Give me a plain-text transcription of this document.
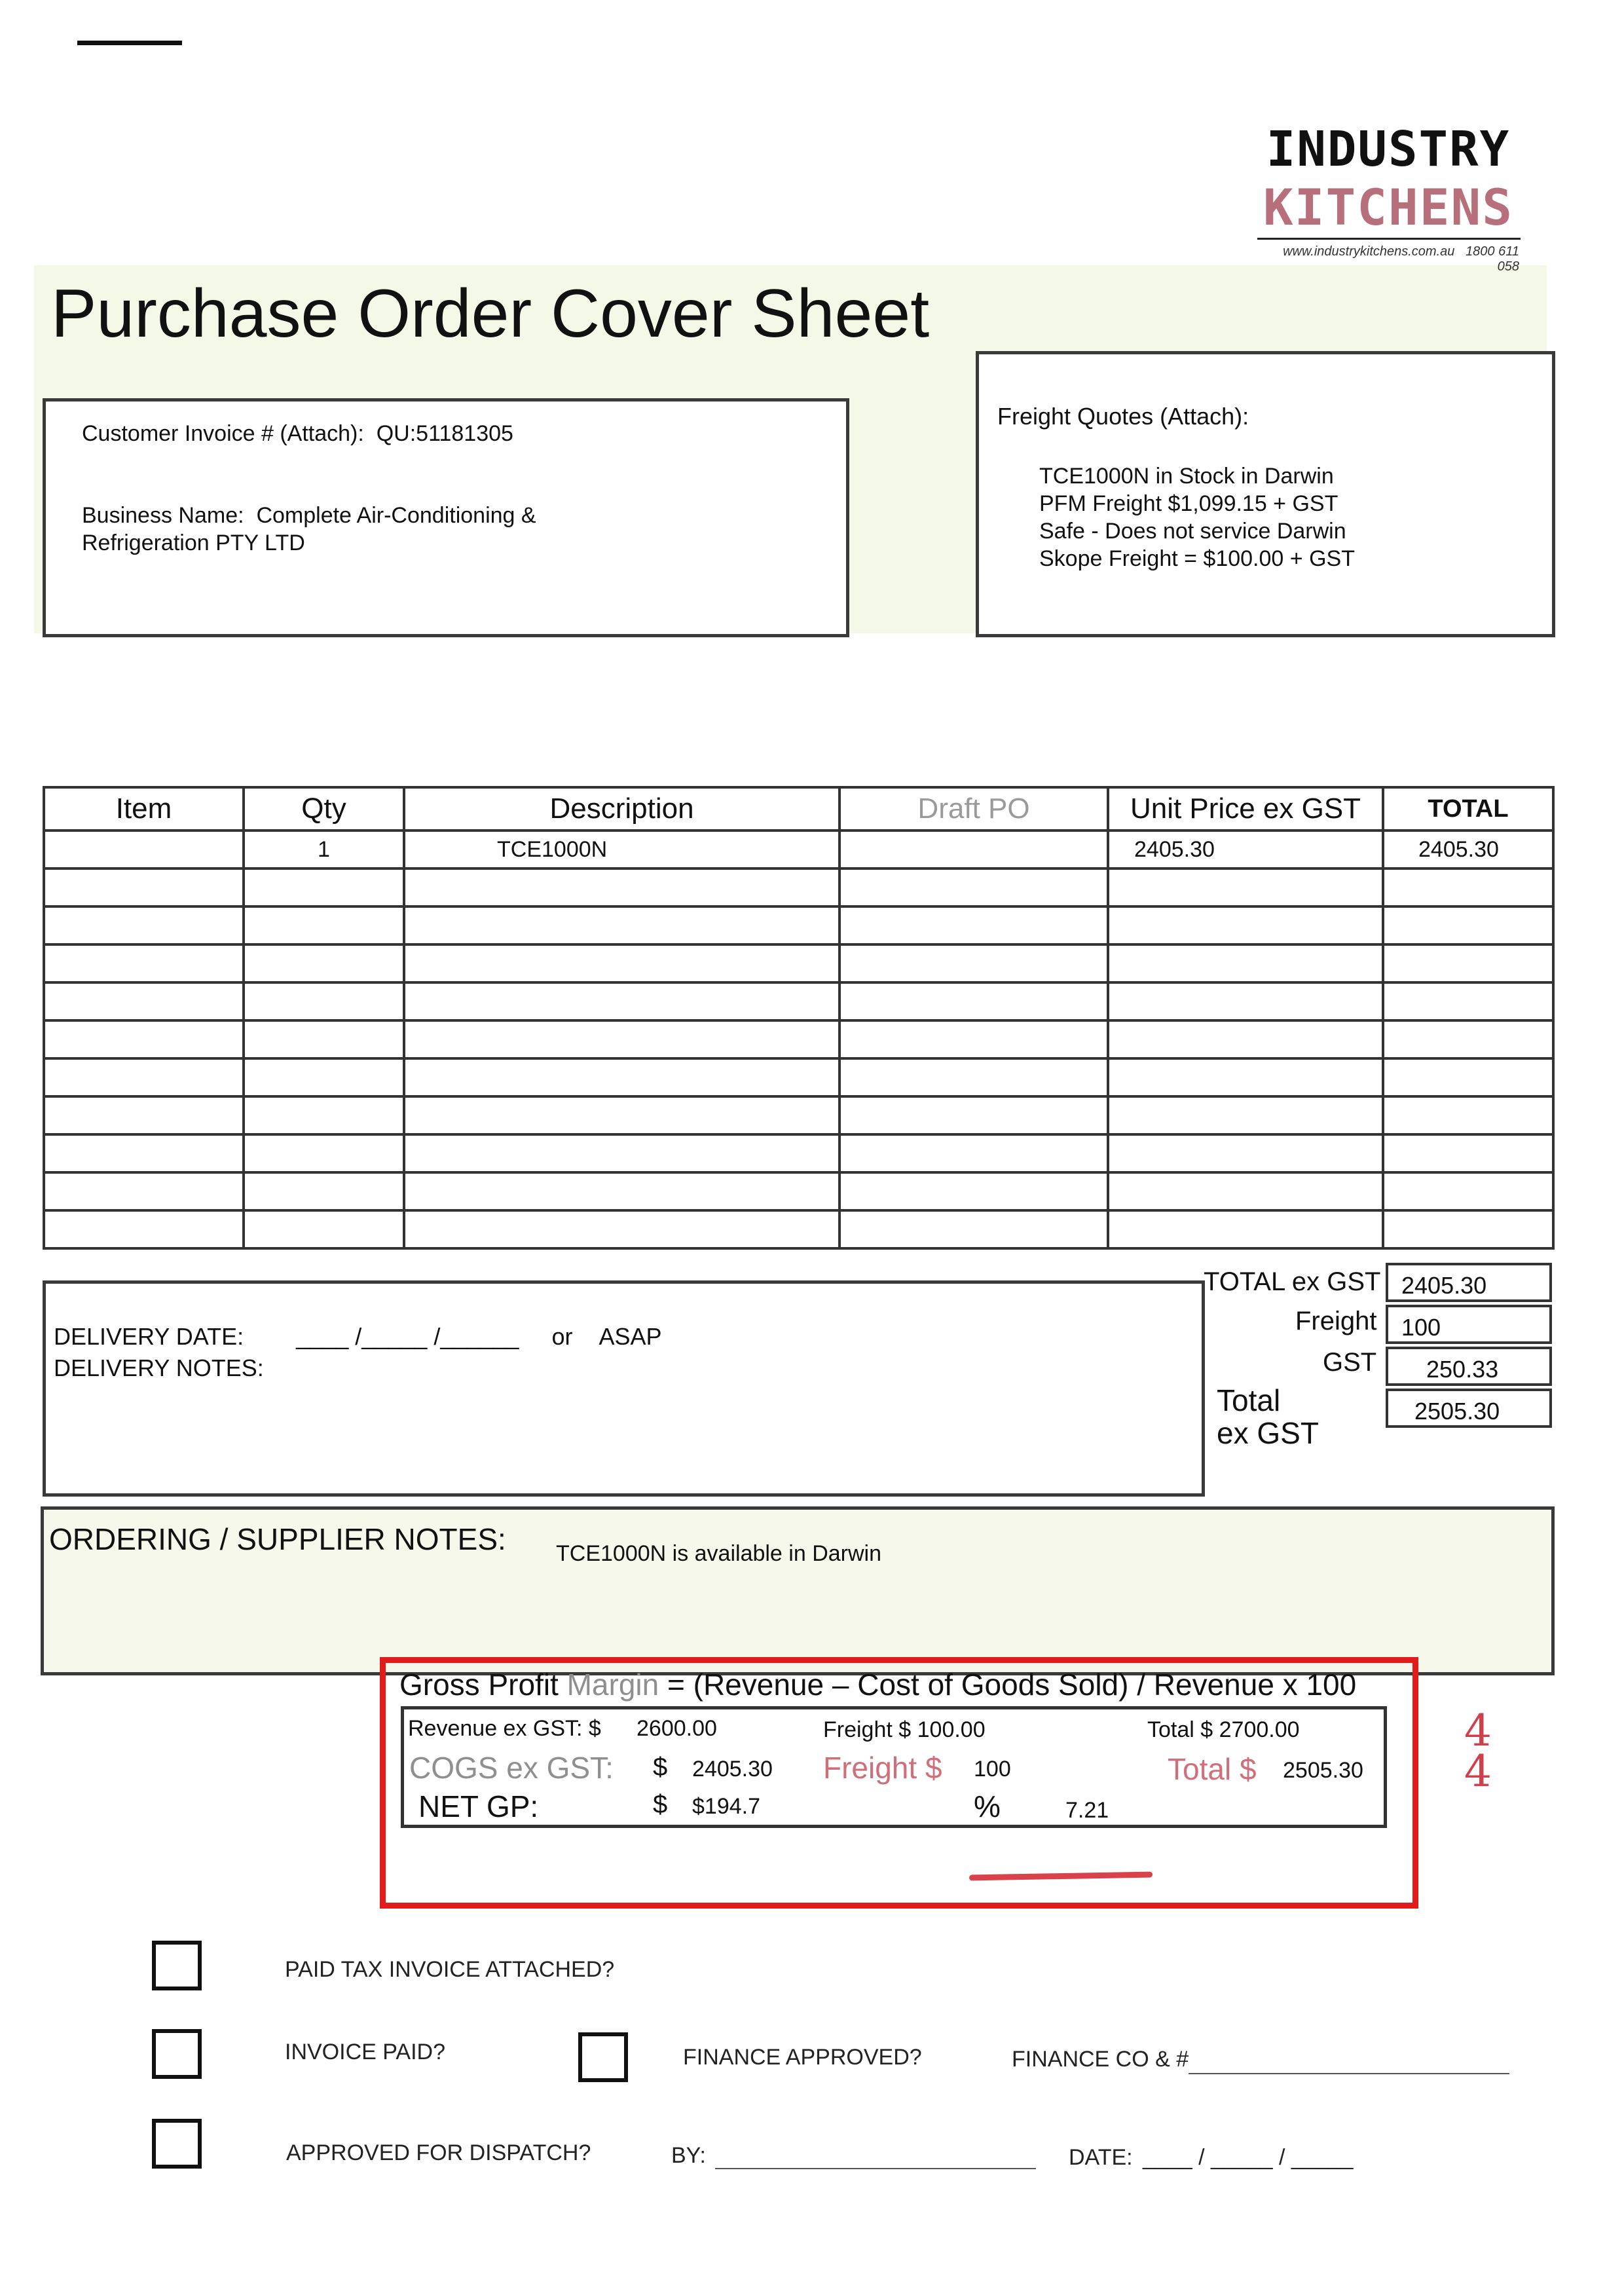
INDUSTRY
KITCHENS
www.industrykitchens.com.au 1800 611 058
Purchase Order Cover Sheet
Customer Invoice # (Attach): QU:51181305
Business Name: Complete Air-Conditioning &
Refrigeration PTY LTD
Freight Quotes (Attach):
TCE1000N in Stock in Darwin
PFM Freight $1,099.15 + GST
Safe - Does not service Darwin
Skope Freight = $100.00 + GST
Item	Qty	Description	Draft PO	Unit Price ex GST	TOTAL
	1	TCE1000N		2405.30	2405.30

DELIVERY DATE: ____ /_____ /______ or ASAP
DELIVERY NOTES:
TOTAL ex GST 2405.30
Freight	100
GST	250.33
Total
ex GST
2505.30
ORDERING / SUPPLIER NOTES: TCE1000N is available in Darwin
Gross Profit Margin = (Revenue – Cost of Goods Sold) / Revenue x 100
Revenue ex GST: $ 2600.00	Freight $ 100.00	Total $ 2700.00
COGS ex GST: $ 2405.30 Freight $ 100	Total $ 2505.30
NET GP:	$ $194.7	%	7.21
4 4
PAID TAX INVOICE ATTACHED?
INVOICE PAID?	FINANCE APPROVED?	FINANCE CO & #
APPROVED FOR DISPATCH?	BY:	DATE: ____ / _____ / _____
